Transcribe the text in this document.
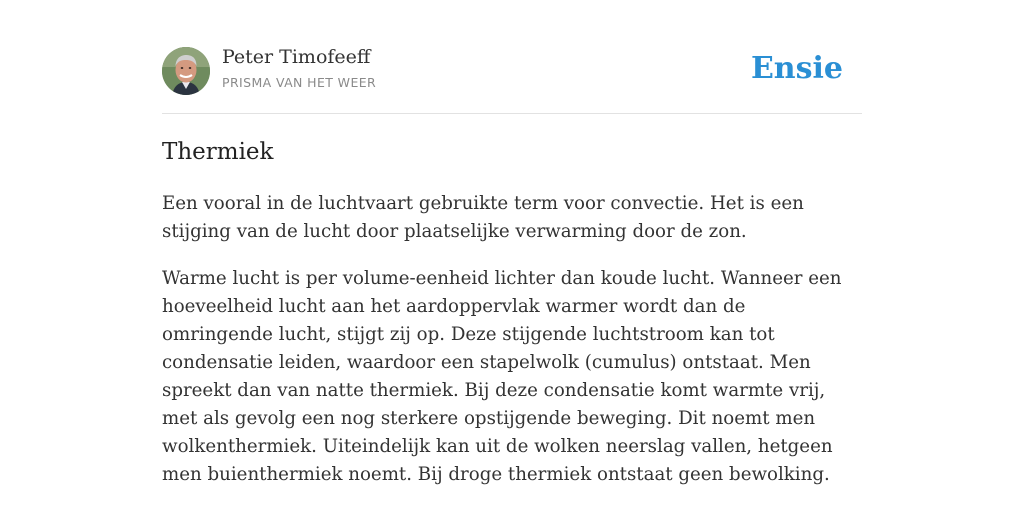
Peter Timofeeff
PRISMA VAN HET WEER	Ensie
Thermiek

Een vooral in de luchtvaart gebruikte term voor convectie. Het is een stijging van de lucht door plaatselijke verwarming door de zon.

Warme lucht is per volume-eenheid lichter dan koude lucht. Wanneer een hoeveelheid lucht aan het aardoppervlak warmer wordt dan de omringende lucht, stijgt zij op. Deze stijgende luchtstroom kan tot condensatie leiden, waardoor een stapelwolk (cumulus) ontstaat. Men spreekt dan van natte thermiek. Bij deze condensatie komt warmte vrij, met als gevolg een nog sterkere opstijgende beweging. Dit noemt men wolkenthermiek. Uiteindelijk kan uit de wolken neerslag vallen, hetgeen men buienthermiek noemt. Bij droge thermiek ontstaat geen bewolking.
